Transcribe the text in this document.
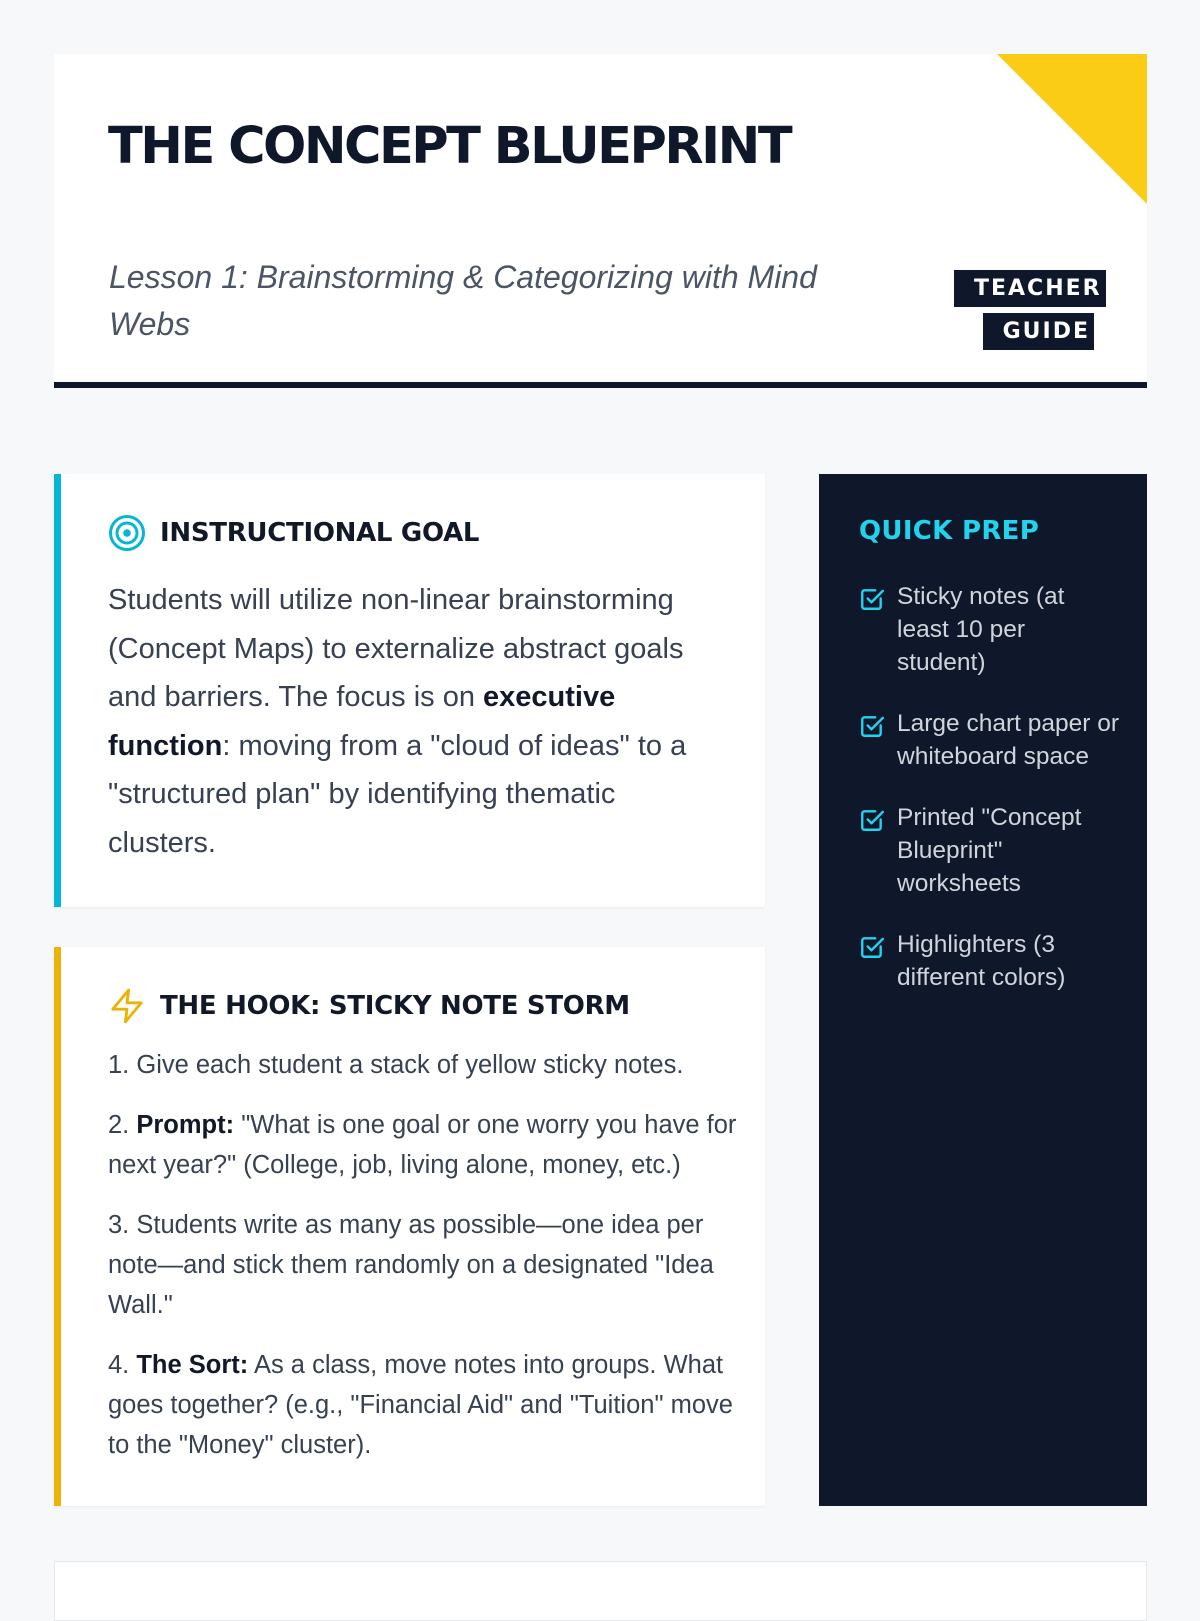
THE CONCEPT BLUEPRINT

Lesson 1: Brainstorming & Categorizing with Mind Webs

TEACHER GUIDE
INSTRUCTIONAL GOAL

Students will utilize non-linear brainstorming (Concept Maps) to externalize abstract goals and barriers. The focus is on executive function: moving from a "cloud of ideas" to a "structured plan" by identifying thematic clusters.

THE HOOK: STICKY NOTE STORM

1. Give each student a stack of yellow sticky notes.

2. Prompt: "What is one goal or one worry you have for next year?" (College, job, living alone, money, etc.)

3. Students write as many as possible—one idea per note—and stick them randomly on a designated "Idea Wall."

4. The Sort: As a class, move notes into groups. What goes together? (e.g., "Financial Aid" and "Tuition" move to the "Money" cluster).

QUICK PREP
Sticky notes (at least 10 per student)
Large chart paper or whiteboard space
Printed "Concept Blueprint" worksheets
Highlighters (3 different colors)
